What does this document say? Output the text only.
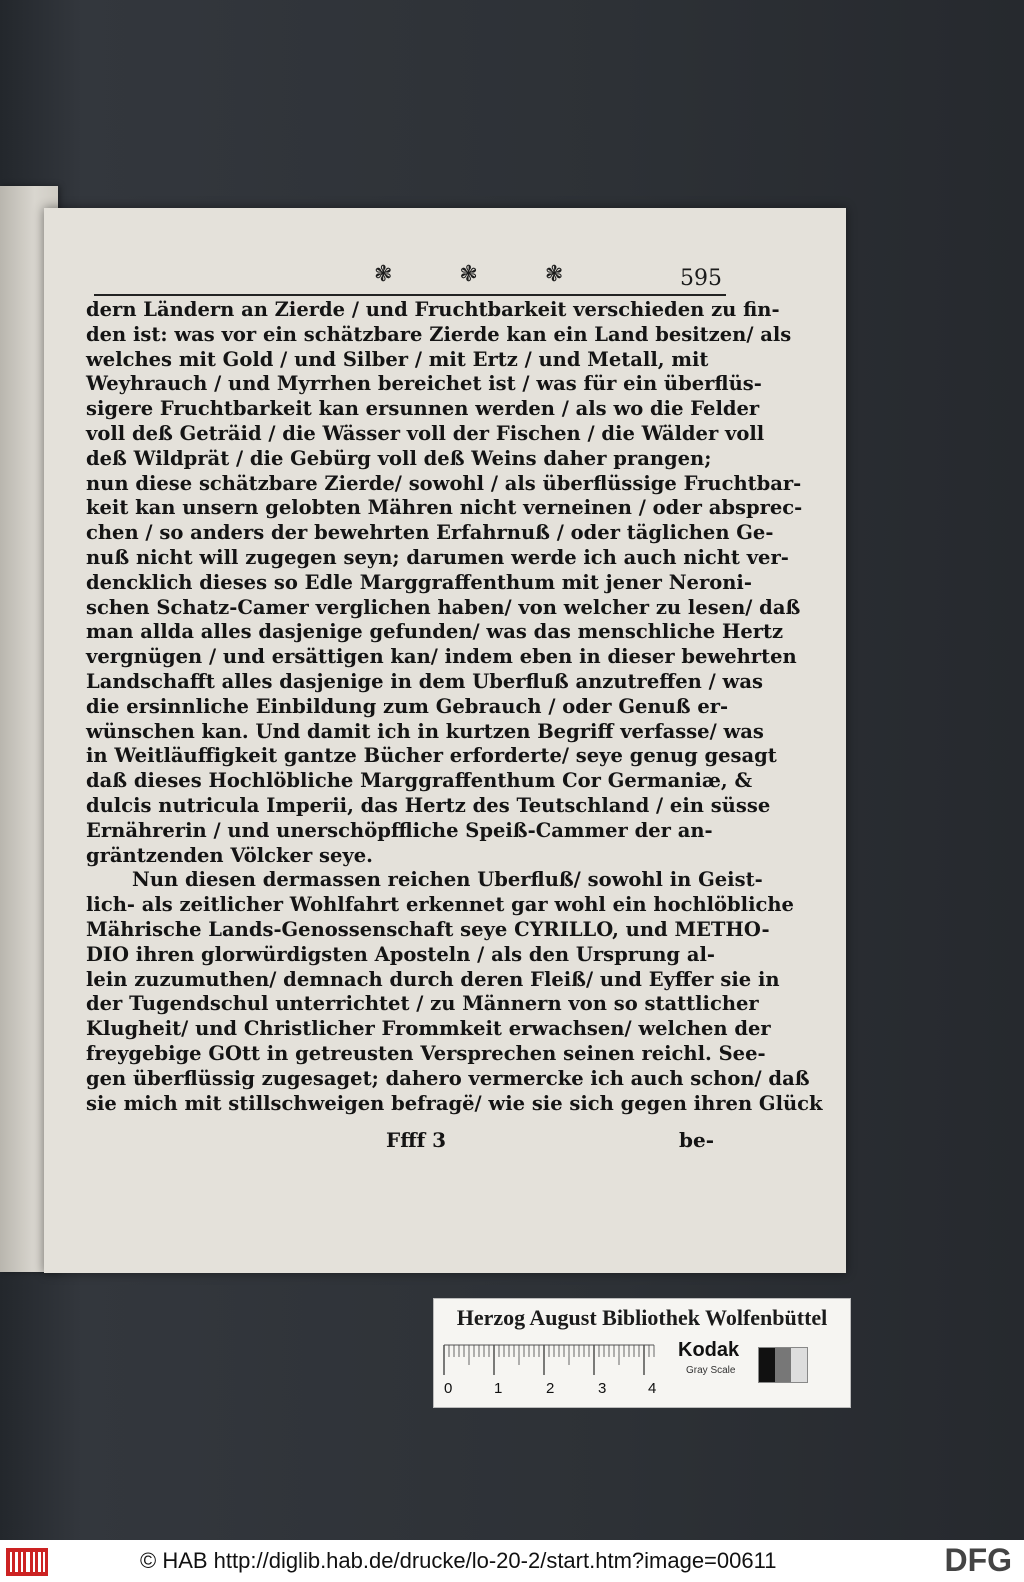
❃ ❃ ❃	595
dern Ländern an Zierde / und Fruchtbarkeit verschieden zu fin-
den ist: was vor ein schätzbare Zierde kan ein Land besitzen/ als
welches mit Gold / und Silber / mit Ertz / und Metall, mit
Weyhrauch / und Myrrhen bereichet ist / was für ein überflüs-
sigere Fruchtbarkeit kan ersunnen werden / als wo die Felder
voll deß Geträid / die Wässer voll der Fischen / die Wälder voll
deß Wildprät / die Gebürg voll deß Weins daher prangen;
nun diese schätzbare Zierde/ sowohl / als überflüssige Fruchtbar-
keit kan unsern gelobten Mähren nicht verneinen / oder absprec-
chen / so anders der bewehrten Erfahrnuß / oder täglichen Ge-
nuß nicht will zugegen seyn; darumen werde ich auch nicht ver-
dencklich dieses so Edle Marggraffenthum mit jener Neroni-
schen Schatz-Camer verglichen haben/ von welcher zu lesen/ daß
man allda alles dasjenige gefunden/ was das menschliche Hertz
vergnügen / und ersättigen kan/ indem eben in dieser bewehrten
Landschafft alles dasjenige in dem Uberfluß anzutreffen / was
die ersinnliche Einbildung zum Gebrauch / oder Genuß er-
wünschen kan. Und damit ich in kurtzen Begriff verfasse/ was
in Weitläuffigkeit gantze Bücher erforderte/ seye genug gesagt
daß dieses Hochlöbliche Marggraffenthum Cor Germaniæ, &
dulcis nutricula Imperii, das Hertz des Teutschland / ein süsse
Ernährerin / und unerschöpffliche Speiß-Cammer der an-
gräntzenden Völcker seye.
Nun diesen dermassen reichen Uberfluß/ sowohl in Geist-
lich- als zeitlicher Wohlfahrt erkennet gar wohl ein hochlöbliche
Mährische Lands-Genossenschaft seye CYRILLO, und METHO-
DIO ihren glorwürdigsten Aposteln / als den Ursprung al-
lein zuzumuthen/ demnach durch deren Fleiß/ und Eyffer sie in
der Tugendschul unterrichtet / zu Männern von so stattlicher
Klugheit/ und Christlicher Frommkeit erwachsen/ welchen der
freygebige GOtt in getreusten Versprechen seinen reichl. See-
gen überflüssig zugesaget; dahero vermercke ich auch schon/ daß
sie mich mit stillschweigen befragë/ wie sie sich gegen ihren Glück
Ffff 3	be-
Herzog August Bibliothek Wolfenbüttel
0	1	2	3	4
Kodak
Gray Scale
© HAB http://diglib.hab.de/drucke/lo-20-2/start.htm?image=00611	DFG
